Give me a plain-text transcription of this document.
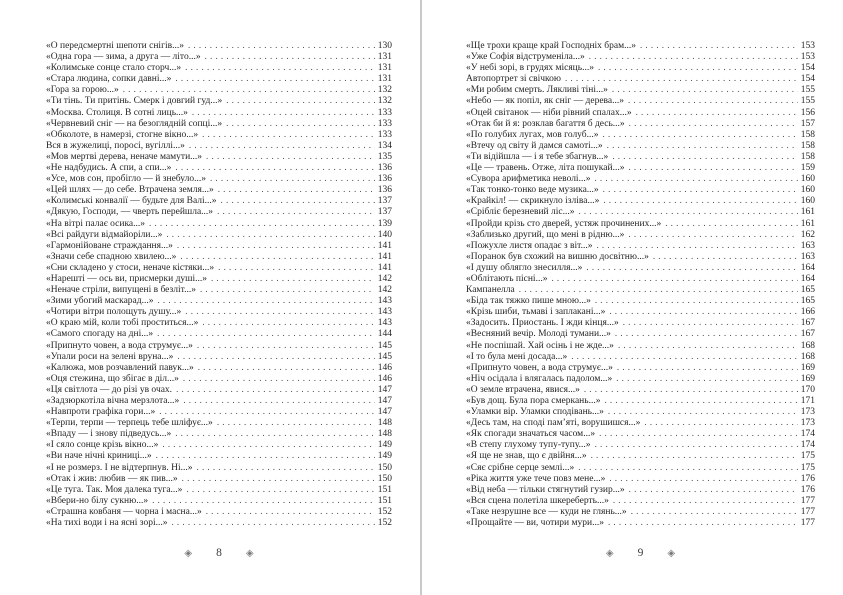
«О передсмертні шепоти снігів...» .....	130
«Одна гора — зима, а друга — літо...» .....	131
«Колимське сонце стало сторч...» .....	131
«Стара людина, сопки давні...» .....	131
«Гора за горою...» .....	132
«Ти тінь. Ти притінь. Смерк і довгий гуд...» .....	132
«Москва. Столиця. В сотні лиць...» .....	133
«Червневий сніг — на безоглядній сопці...» .....	133
«Обколоте, в намерзі, стогне вікно...» .....	133
Вся в жужелиці, поросі, вугіллі...» .....	134
«Мов мертві дерева, неначе мамути...» .....	135
«Не надбудись. А спи, а спи...» .....	136
«Усе, мов сон, пробігло — й знебуло...» .....	136
«Цей шлях — до себе. Втрачена земля...» .....	136
«Колимські конвалії — будьте для Валі...» .....	137
«Дякую, Господи, — чверть перейшла...» .....	137
«На вітрі палає осика...» .....	139
«Всі райдуги відмайоріли...» .....	140
«Гармонійоване страждання...» .....	141
«Значи себе спадною хвилею...» .....	141
«Сни складено у стоси, неначе кістяки...» .....	141
«Нарешті — ось ви, присмерки душі...» .....	142
«Неначе стріли, випущені в безліт...» .....	142
«Зими убогий маскарад...» .....	143
«Чотири вітри полощуть душу...» .....	143
«О краю мій, коли тобі проститься...» .....	143
«Самого спогаду на дні...» .....	144
«Припнуто човен, а вода струмує...» .....	145
«Упали роси на зелені вруна...» .....	145
«Калюжа, мов розчавлений павук...» .....	146
«Оця стежина, що збігає в діл...» .....	146
«Ця світлота — до різі ув очах. .....	147
«Задзюркотіла вічна мерзлота...» .....	147
«Навпроти графіка гори...» .....	147
«Терпи, терпи — терпець тебе шліфує...» .....	148
«Впаду — і знову підведусь...» .....	148
«І сяло сонце крізь вікно...» .....	149
«Ви наче нічні криниці...» .....	149
«І не розмерз. І не відтерпнув. Ні...» .....	150
«Отак і жив: любив — як пив...» .....	150
«Це туга. Так. Моя далека туга...» .....	151
«Вбери-но білу сукню...» .....	151
«Страшна ковбаня — чорна і масна...» .....	152
«На тихі води і на ясні зорі...» .....	152
◈ 8 ◈
«Ще трохи краще край Господніх брам...» .....	153
«Уже Софія відструменіла...» .....	153
«У небі зорі, в грудях місяць...» .....	154
Автопортрет зі свічкою .....	154
«Ми робим смерть. Лякливі тіні...» .....	155
«Небо — як попіл, як сніг — дерева...» .....	155
«Оцей світанок — ніби рівний спалах...» .....	156
«Отак би й я: розклав багаття б десь...» .....	157
«По голубих лугах, мов голуб...» .....	158
«Втечу од світу й дамся самоті...» .....	158
«Ти відійшла — і я тебе збагнув...» .....	158
«Це — травень. Отже, літа пошукай...» .....	159
«Сувора арифметика неволі...» .....	160
«Так тонко-тонко веде музика...» .....	160
«Крайкіл! — скрикнуло ізліва...» .....	160
«Срібліє березневий ліс...» .....	161
«Пройди крізь сто дверей, устяж прочинених...» .....	161
«Заблизько другий, що мені в рідню...» .....	162
«Пожухле листя опадає з віт...» .....	163
«Поранок був схожий на вишню досвітню...» .....	163
«І душу облягло знесилля...» .....	164
«Облітають пісні...» .....	164
Кампанелла .....	165
«Біда так тяжко пише мною...» .....	165
«Крізь шиби, тьмаві і заплакані...» .....	166
«Задосить. Приостань. І жди кінця...» .....	167
«Весняний вечір. Молоді тумани...» .....	167
«Не поспішай. Хай осінь і не жде...» .....	168
«І то була мені досада...» .....	168
«Припнуто човен, а вода струмує...» .....	169
«Ніч осідала і влягалась падолом...» .....	169
«О земле втрачена, явися...» .....	170
«Був дощ. Була пора смеркань...» .....	171
«Уламки вір. Уламки сподівань...» .....	173
«Десь там, на споді пам’яті, ворушишся...» .....	173
«Як спогади значаться часом...» .....	174
«В степу глухому тупу-тупу...» .....	174
«Я ще не знав, що є двійня...» .....	175
«Сяє срібне серце землі...» .....	175
«Ріка життя уже тече повз мене...» .....	176
«Від неба — тільки стягнутий гузир...» .....	176
«Вся сцена полетіла шкереберть...» .....	177
«Таке незрушне все — куди не глянь...» .....	177
«Прощайте — ви, чотири мури...» .....	177
◈ 9 ◈
